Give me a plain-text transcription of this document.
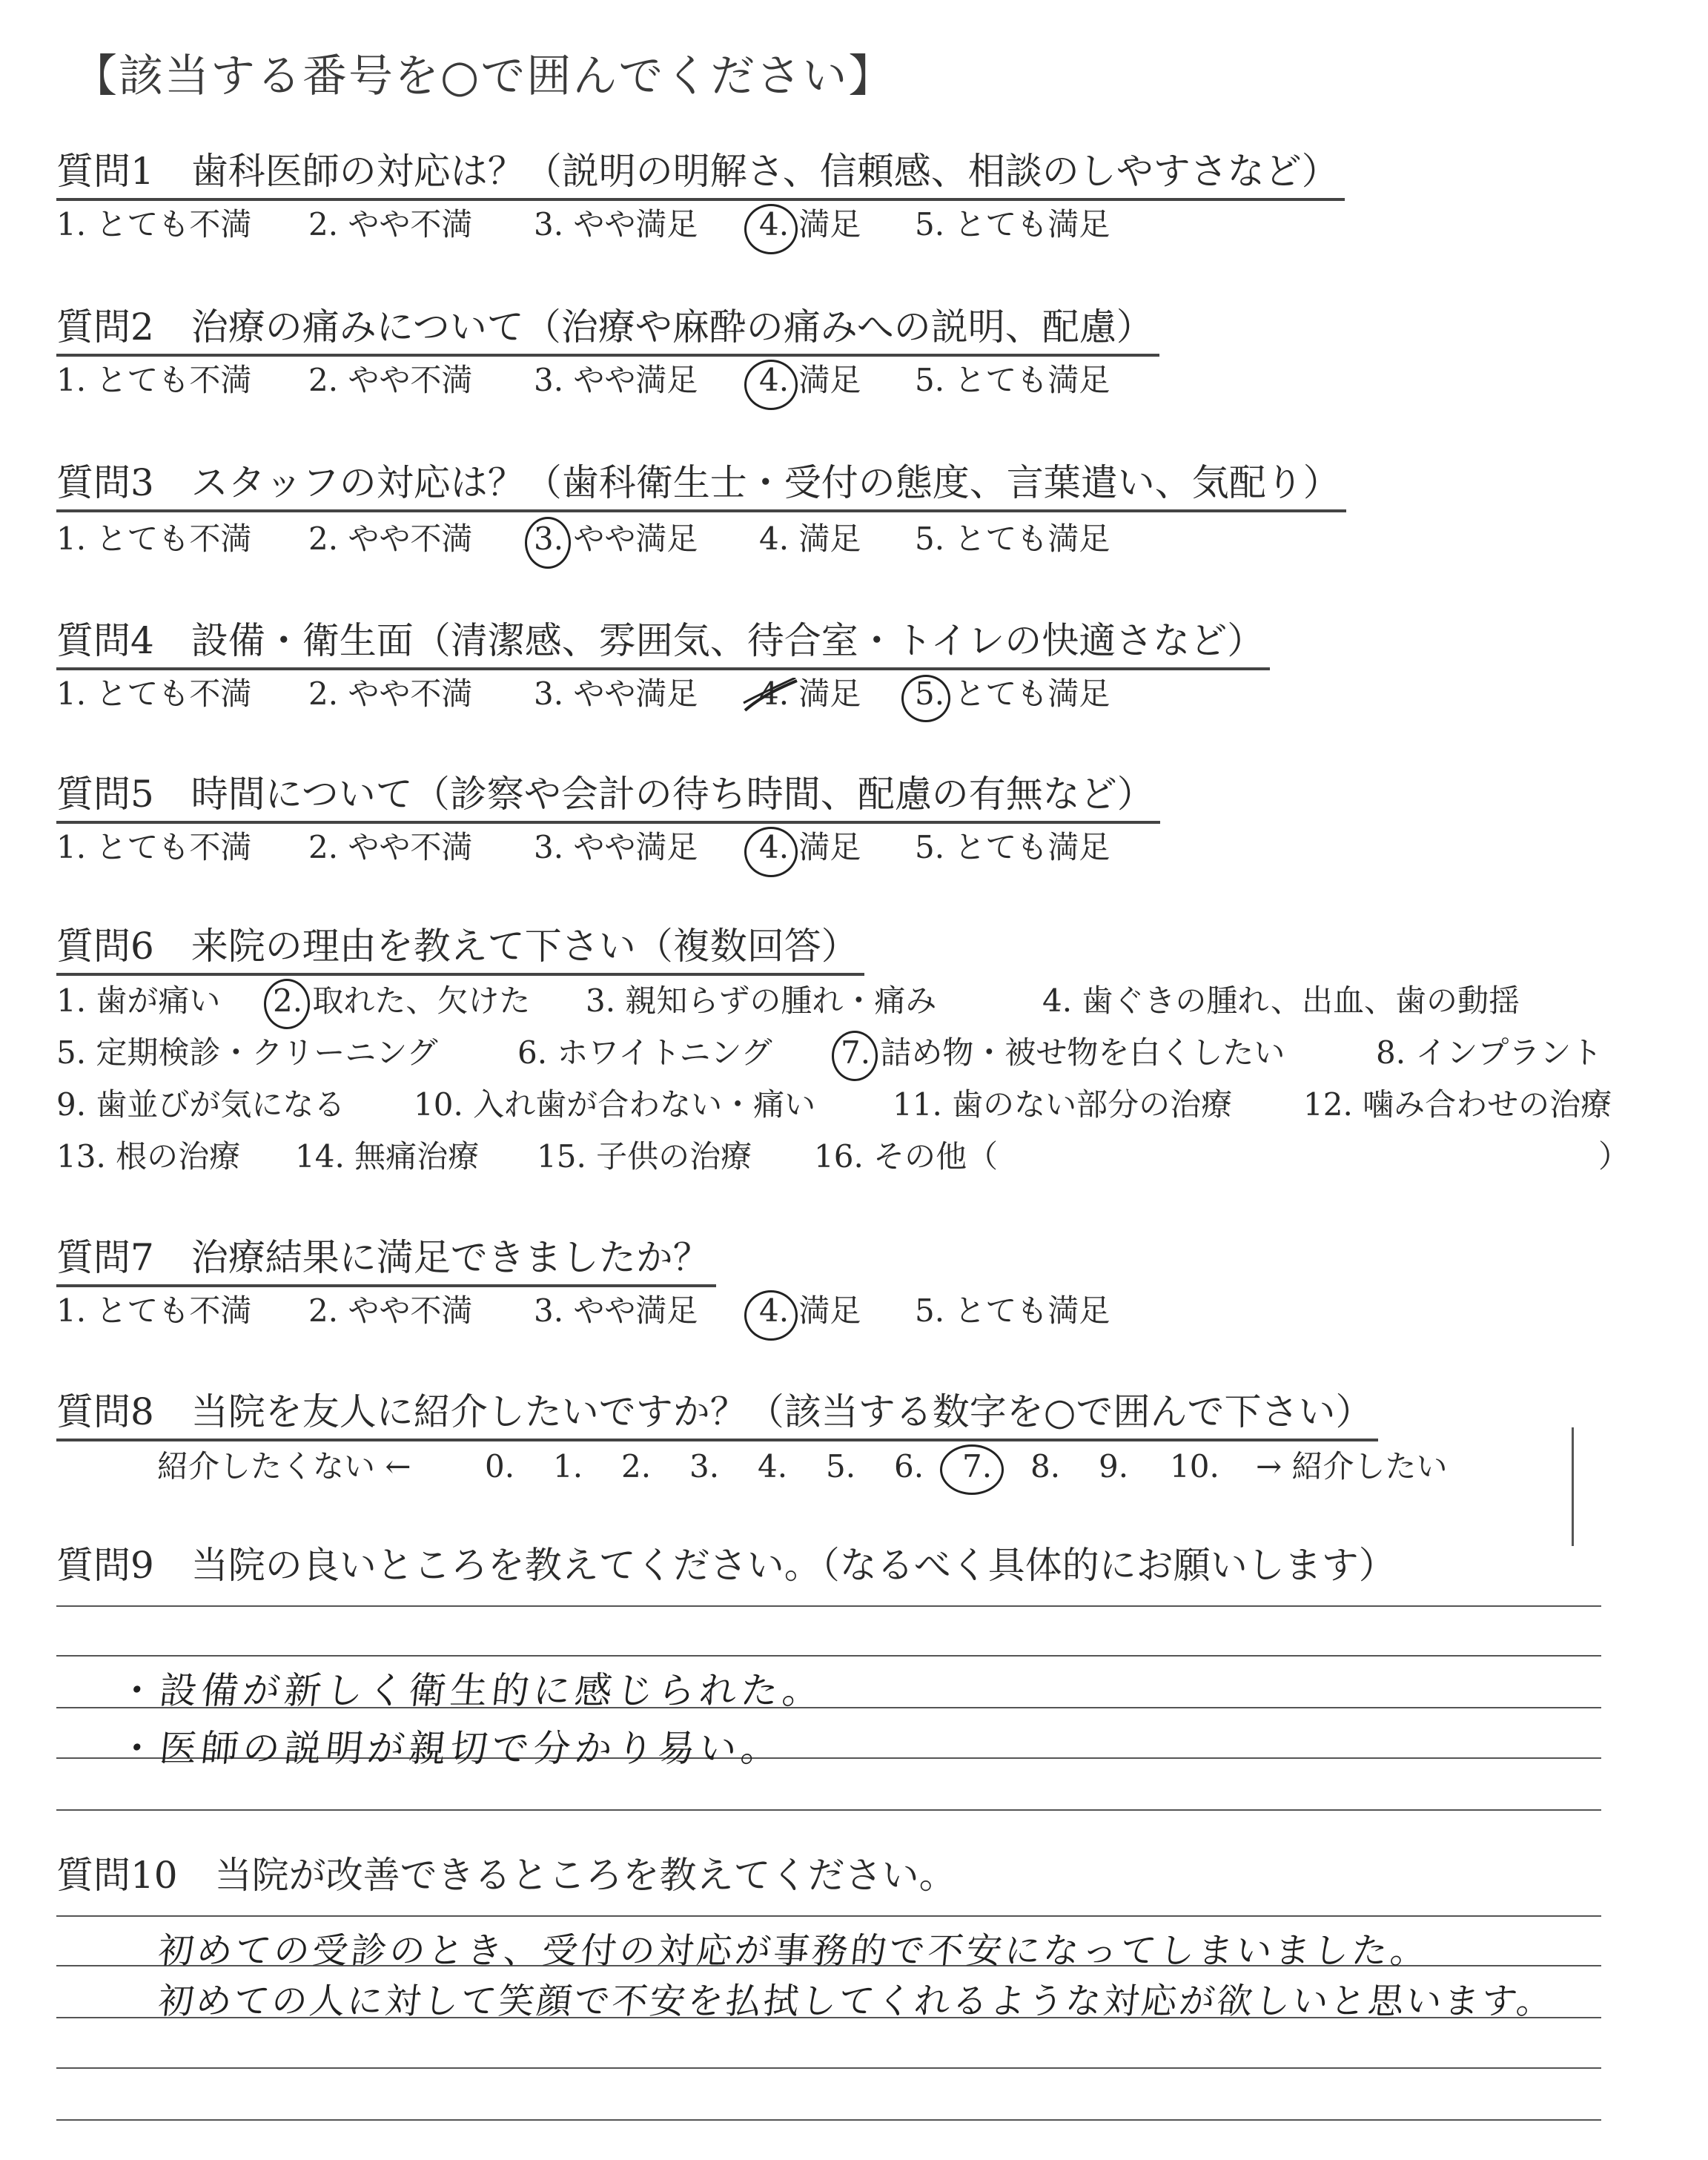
【該当する番号を○で囲んでください】
質問1　歯科医師の対応は？（説明の明解さ、信頼感、相談のしやすさなど）
1. とても不満 2. やや不満 3. やや満足 4. 満足 5. とても満足
質問2　治療の痛みについて（治療や麻酔の痛みへの説明、配慮）
1. とても不満 2. やや不満 3. やや満足 4. 満足 5. とても満足
質問3　スタッフの対応は？（歯科衛生士・受付の態度、言葉遣い、気配り）
1. とても不満 2. やや不満 3. やや満足 4. 満足 5. とても満足
質問4　設備・衛生面（清潔感、雰囲気、待合室・トイレの快適さなど）
1. とても不満 2. やや不満 3. やや満足 4. 満足 5. とても満足
質問5　時間について（診察や会計の待ち時間、配慮の有無など）
1. とても不満 2. やや不満 3. やや満足 4. 満足 5. とても満足
質問6　来院の理由を教えて下さい（複数回答）
1. 歯が痛い 2. 取れた、欠けた 3. 親知らずの腫れ・痛み	4. 歯ぐきの腫れ、出血、歯の動揺
5. 定期検診・クリーニング	6. ホワイトニング 7. 詰め物・被せ物を白くしたい	8. インプラント
9. 歯並びが気になる 10. 入れ歯が合わない・痛い 11. 歯のない部分の治療 12. 噛み合わせの治療
13. 根の治療 14. 無痛治療 15. 子供の治療 16. その他（	）
質問7　治療結果に満足できましたか？
1. とても不満 2. やや不満 3. やや満足 4. 満足 5. とても満足
質問8　当院を友人に紹介したいですか？（該当する数字を○で囲んで下さい）
紹介したくない ← 0. 1. 2. 3. 4. 5. 6. 7. 8. 9. 10. → 紹介したい
質問9　当院の良いところを教えてください。（なるべく具体的にお願いします）
・設備が新しく衛生的に感じられた。
・医師の説明が親切で分かり易い。
質問10　当院が改善できるところを教えてください。
初めての受診のとき、受付の対応が事務的で不安になってしまいました。
初めての人に対して笑顔で不安を払拭してくれるような対応が欲しいと思います。
